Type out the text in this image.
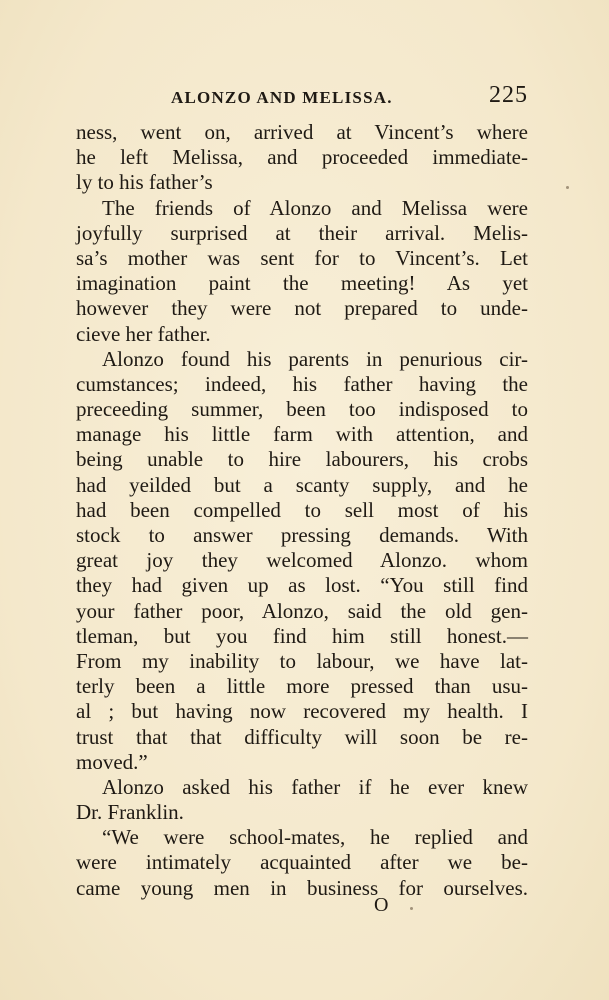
ALONZO AND MELISSA.	225
ness, went on, arrived at Vincent’s where
he left Melissa, and proceeded immediate-
ly to his father’s
The friends of Alonzo and Melissa were
joyfully surprised at their arrival. Melis-
sa’s mother was sent for to Vincent’s. Let
imagination paint the meeting! As yet
however they were not prepared to unde-
cieve her father.
Alonzo found his parents in penurious cir-
cumstances; indeed, his father having the
preceeding summer, been too indisposed to
manage his little farm with attention, and
being unable to hire labourers, his crobs
had yeilded but a scanty supply, and he
had been compelled to sell most of his
stock to answer pressing demands. With
great joy they welcomed Alonzo. whom
they had given up as lost. “You still find
your father poor, Alonzo, said the old gen-
tleman, but you find him still honest.—
From my inability to labour, we have lat-
terly been a little more pressed than usu-
al ; but having now recovered my health. I
trust that that difficulty will soon be re-
moved.”
Alonzo asked his father if he ever knew
Dr. Franklin.
“We were school-mates, he replied and
were intimately acquainted after we be-
came young men in business for ourselves.
O
